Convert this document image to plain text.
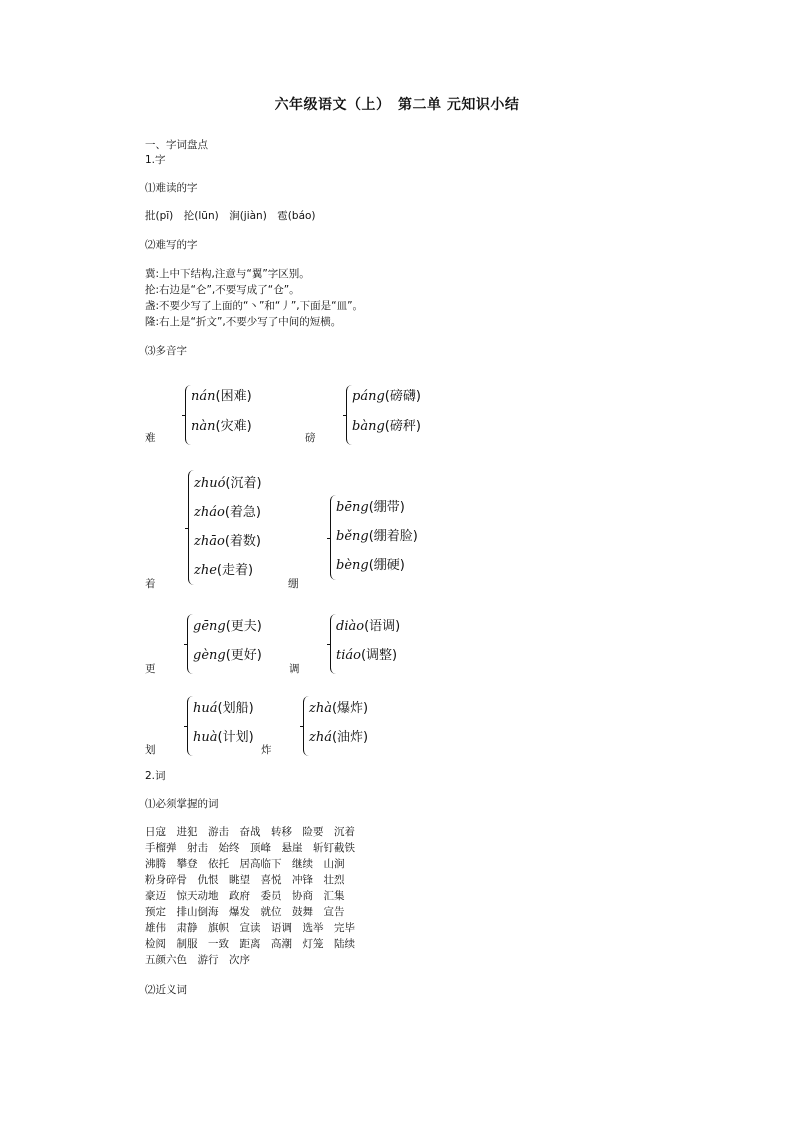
六年级语文（上）　第二单 元知识小结
一、字词盘点
1.字
⑴难读的字
批(pī)　抡(lūn)　涧(jiàn)　雹(báo)
⑵难写的字
冀:上中下结构,注意与“翼”字区别。
抡:右边是“仑”,不要写成了“仓”。
盏:不要少写了上面的“丶”和“丿”,下面是“皿”。
隆:右上是“折文”,不要少写了中间的短横。
⑶多音字
难
nán(困难)
nàn(灾难)
磅
páng(磅礴)
bàng(磅秤)
着
zhuó(沉着)
zháo(着急)
zhāo(着数)
zhe(走着)
绷
bēng(绷带)
běng(绷着脸)
bèng(绷硬)
更
gēng(更夫)
gèng(更好)
调
diào(语调)
tiáo(调整)
划
huá(划船)
huà(计划)
炸
zhà(爆炸)
zhá(油炸)
2.词
⑴必须掌握的词
日寇　进犯　游击　奋战　转移　险要　沉着
手榴弹　射击　始终　顶峰　悬崖　斩钉截铁
沸腾　攀登　依托　居高临下　继续　山涧
粉身碎骨　仇恨　眺望　喜悦　冲锋　壮烈
豪迈　惊天动地　政府　委员　协商　汇集
预定　排山倒海　爆发　就位　鼓舞　宣告
雄伟　肃静　旗帜　宣读　语调　选举　完毕
检阅　制服　一致　距离　高潮　灯笼　陆续
五颜六色　游行　次序
⑵近义词
